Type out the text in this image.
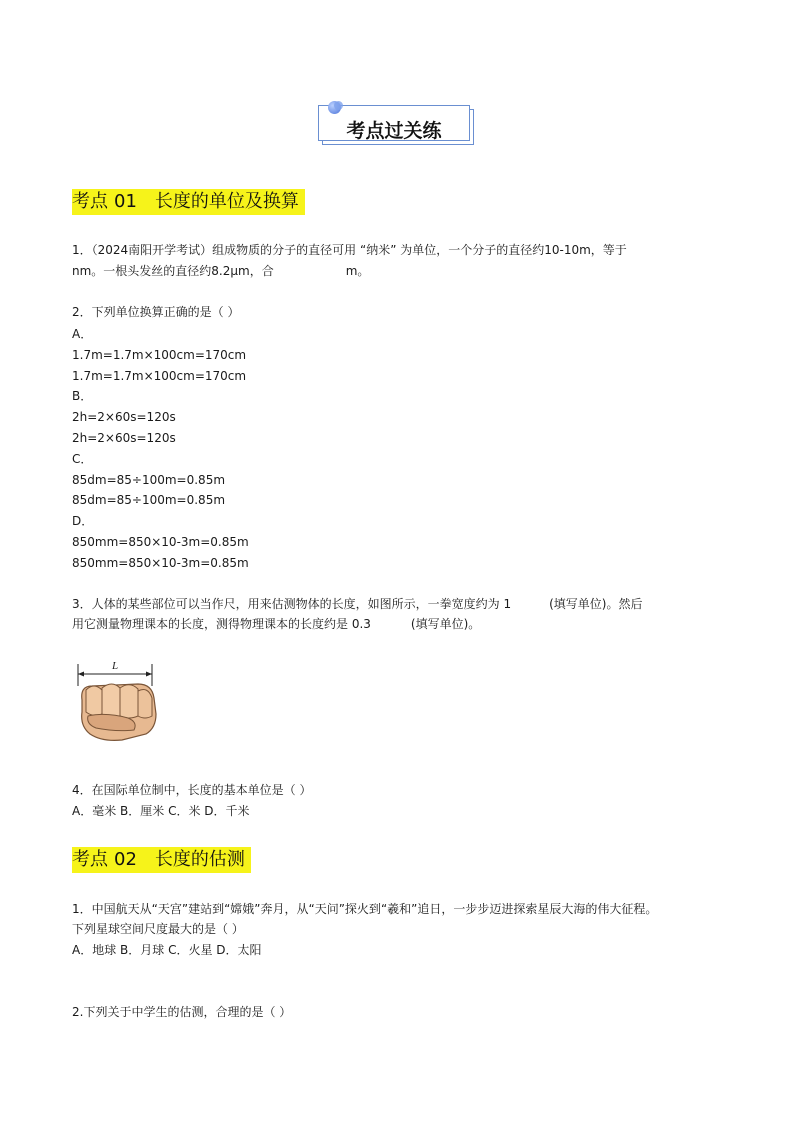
考点过关练
考点 01 长度的单位及换算
1．（2024南阳开学考试）组成物质的分子的直径可用 “纳米” 为单位，一个分子的直径约10-10m，等于
nm。一根头发丝的直径约8.2μm，合	m。
2．下列单位换算正确的是（ ）
A．
1.7m=1.7m×100cm=170cm
1.7m=1.7m×100cm=170cm
B．
2h=2×60s=120s
2h=2×60s=120s
C．
85dm=85÷100m=0.85m
85dm=85÷100m=0.85m
D．
850mm=850×10-3m=0.85m
850mm=850×10-3m=0.85m
3．人体的某些部位可以当作尺，用来估测物体的长度，如图所示，一拳宽度约为 1	(填写单位)。然后
用它测量物理课本的长度，测得物理课本的长度约是 0.3	(填写单位)。
L
4．在国际单位制中，长度的基本单位是（ ）
A．毫米 B．厘米 C．米 D．千米
考点 02 长度的估测
1．中国航天从“天宫”建站到“嫦娥”奔月，从“天问”探火到“羲和”追日，一步步迈进探索星辰大海的伟大征程。
下列星球空间尺度最大的是（ ）
A．地球 B．月球 C．火星 D．太阳
2.下列关于中学生的估测，合理的是（ ）
